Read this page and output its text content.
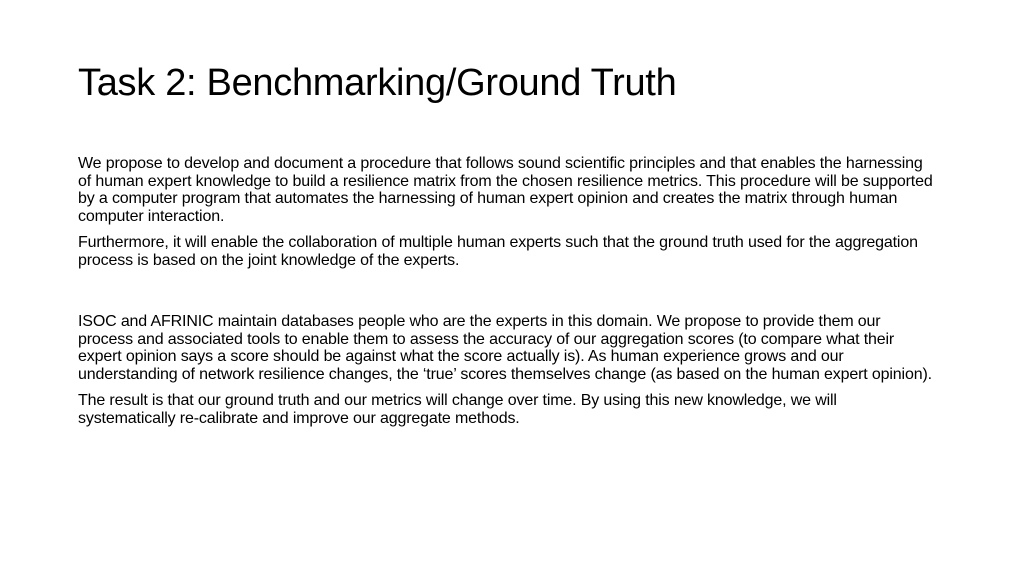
Task 2: Benchmarking/Ground Truth

We propose to develop and document a procedure that follows sound scientific principles and that enables the harnessing of human expert knowledge to build a resilience matrix from the chosen resilience metrics. This procedure will be supported by a computer program that automates the harnessing of human expert opinion and creates the matrix through human computer interaction.

Furthermore, it will enable the collaboration of multiple human experts such that the ground truth used for the aggregation process is based on the joint knowledge of the experts.

ISOC and AFRINIC maintain databases people who are the experts in this domain. We propose to provide them our process and associated tools to enable them to assess the accuracy of our aggregation scores (to compare what their expert opinion says a score should be against what the score actually is). As human experience grows and our understanding of network resilience changes, the ‘true’ scores themselves change (as based on the human expert opinion).

The result is that our ground truth and our metrics will change over time. By using this new knowledge, we will systematically re-calibrate and improve our aggregate methods.
